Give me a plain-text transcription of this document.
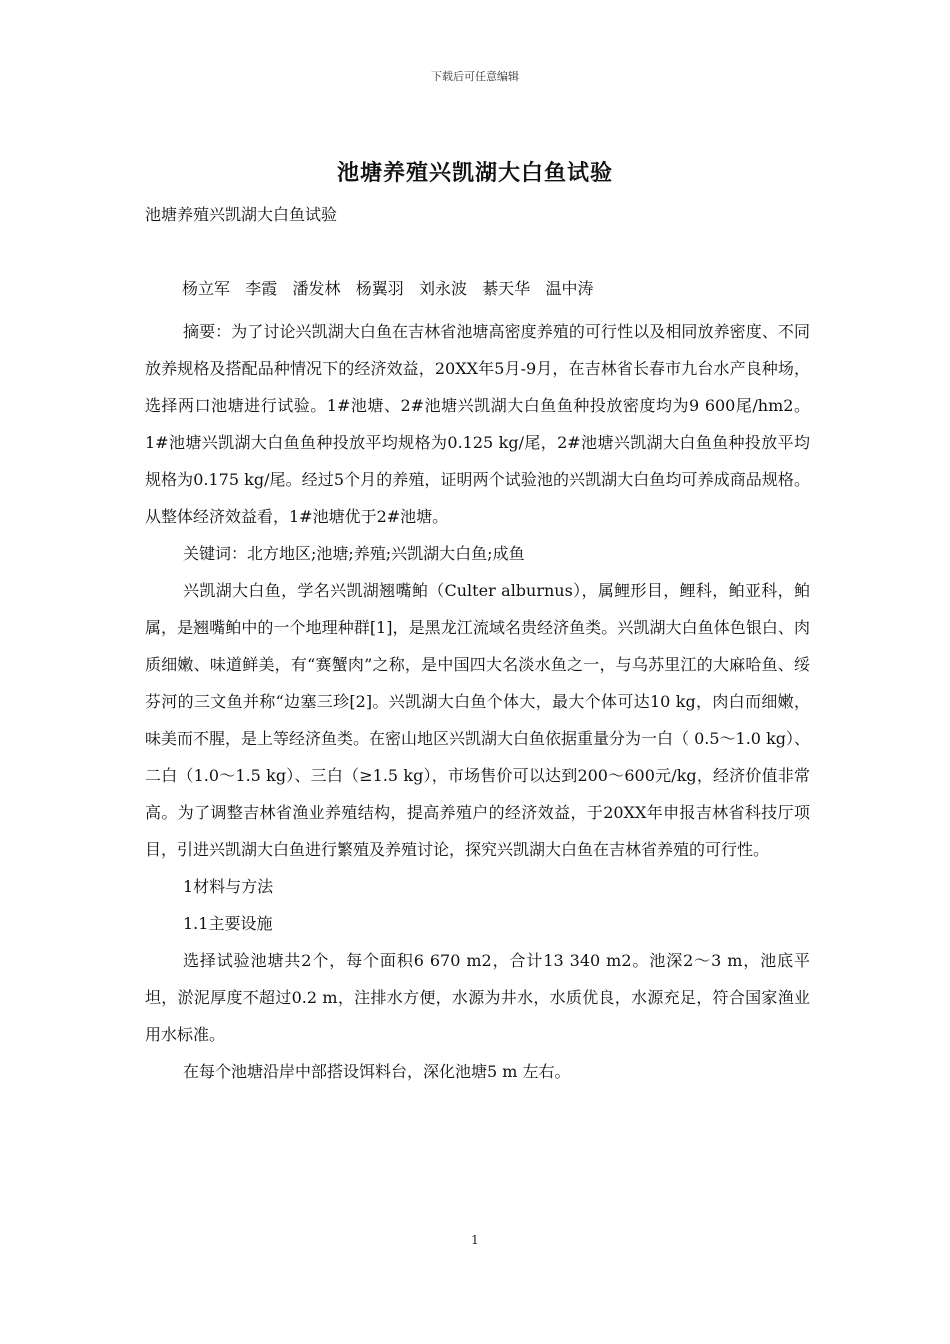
下载后可任意编辑
池塘养殖兴凯湖大白鱼试验
池塘养殖兴凯湖大白鱼试验
杨立军   李霞   潘发林   杨翼羽   刘永波   綦天华   温中涛

摘要：为了讨论兴凯湖大白鱼在吉林省池塘高密度养殖的可行性以及相同放养密度、不同放养规格及搭配品种情况下的经济效益，20XX年5月-9月，在吉林省长春市九台水产良种场，选择两口池塘进行试验。1#池塘、2#池塘兴凯湖大白鱼鱼种投放密度均为9 600尾/hm2。1#池塘兴凯湖大白鱼鱼种投放平均规格为0.125 kg/尾，2#池塘兴凯湖大白鱼鱼种投放平均规格为0.175 kg/尾。经过5个月的养殖，证明两个试验池的兴凯湖大白鱼均可养成商品规格。从整体经济效益看，1#池塘优于2#池塘。

关键词：北方地区;池塘;养殖;兴凯湖大白鱼;成鱼

兴凯湖大白鱼，学名兴凯湖翘嘴鲌（Culter alburnus），属鲤形目，鲤科，鲌亚科，鲌属，是翘嘴鲌中的一个地理种群[1]，是黑龙江流域名贵经济鱼类。兴凯湖大白鱼体色银白、肉质细嫩、味道鲜美，有“赛蟹肉”之称，是中国四大名淡水鱼之一，与乌苏里江的大麻哈鱼、绥芬河的三文鱼并称“边塞三珍[2]。兴凯湖大白鱼个体大，最大个体可达10 kg，肉白而细嫩，味美而不腥，是上等经济鱼类。在密山地区兴凯湖大白鱼依据重量分为一白（ 0.5～1.0 kg）、二白（1.0～1.5 kg）、三白（≥1.5 kg），市场售价可以达到200～600元/kg，经济价值非常高。为了调整吉林省渔业养殖结构，提高养殖户的经济效益，于20XX年申报吉林省科技厅项目，引进兴凯湖大白鱼进行繁殖及养殖讨论，探究兴凯湖大白鱼在吉林省养殖的可行性。

1材料与方法

1.1主要设施

选择试验池塘共2个，每个面积6 670 m2，合计13 340 m2。池深2～3 m，池底平坦，淤泥厚度不超过0.2 m，注排水方便，水源为井水，水质优良，水源充足，符合国家渔业用水标准。

在每个池塘沿岸中部搭设饵料台，深化池塘5 m 左右。

1
